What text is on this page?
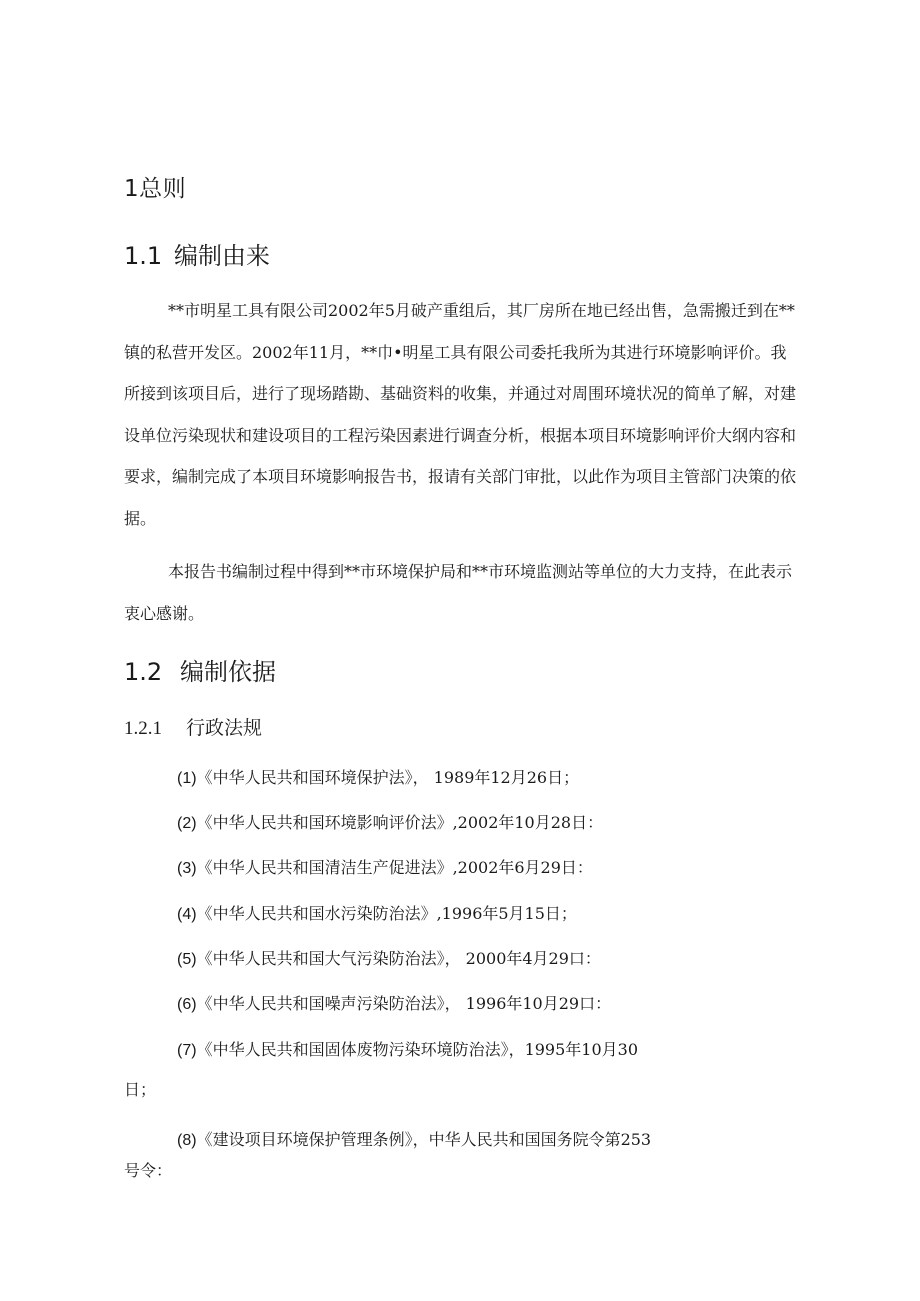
1总则
1.1 编制由来
**市明星工具有限公司2002年5月破产重组后，其厂房所在地已经出售，急需搬迁到在**
镇的私营开发区。2002年11月，**巾•明星工具有限公司委托我所为其进行环境影响评价。我
所接到该项目后，进行了现场踏勘、基础资料的收集，并通过对周围环境状况的简单了解，对建
设单位污染现状和建设项目的工程污染因素进行调查分析，根据本项目环境影响评价大纲内容和
要求，编制完成了本项目环境影响报告书，报请有关部门审批，以此作为项目主管部门决策的依
据。
本报告书编制过程中得到**市环境保护局和**市环境监测站等单位的大力支持，在此表示
衷心感谢。
1.2 编制依据
1.2.1 行政法规

(1)《中华人民共和国环境保护法》， 1989年12月26日；

(2)《中华人民共和国环境影响评价法》,2002年10月28日：

(3)《中华人民共和国清洁生产促进法》,2002年6月29日：

(4)《中华人民共和国水污染防治法》,1996年5月15日；

(5)《中华人民共和国大气污染防治法》， 2000年4月29口：

(6)《中华人民共和国噪声污染防治法》， 1996年10月29口：

(7)《中华人民共和国固体废物污染环境防治法》，1995年10月30

日；

(8)《建设项目环境保护管理条例》，中华人民共和国国务院令第253

号令：
